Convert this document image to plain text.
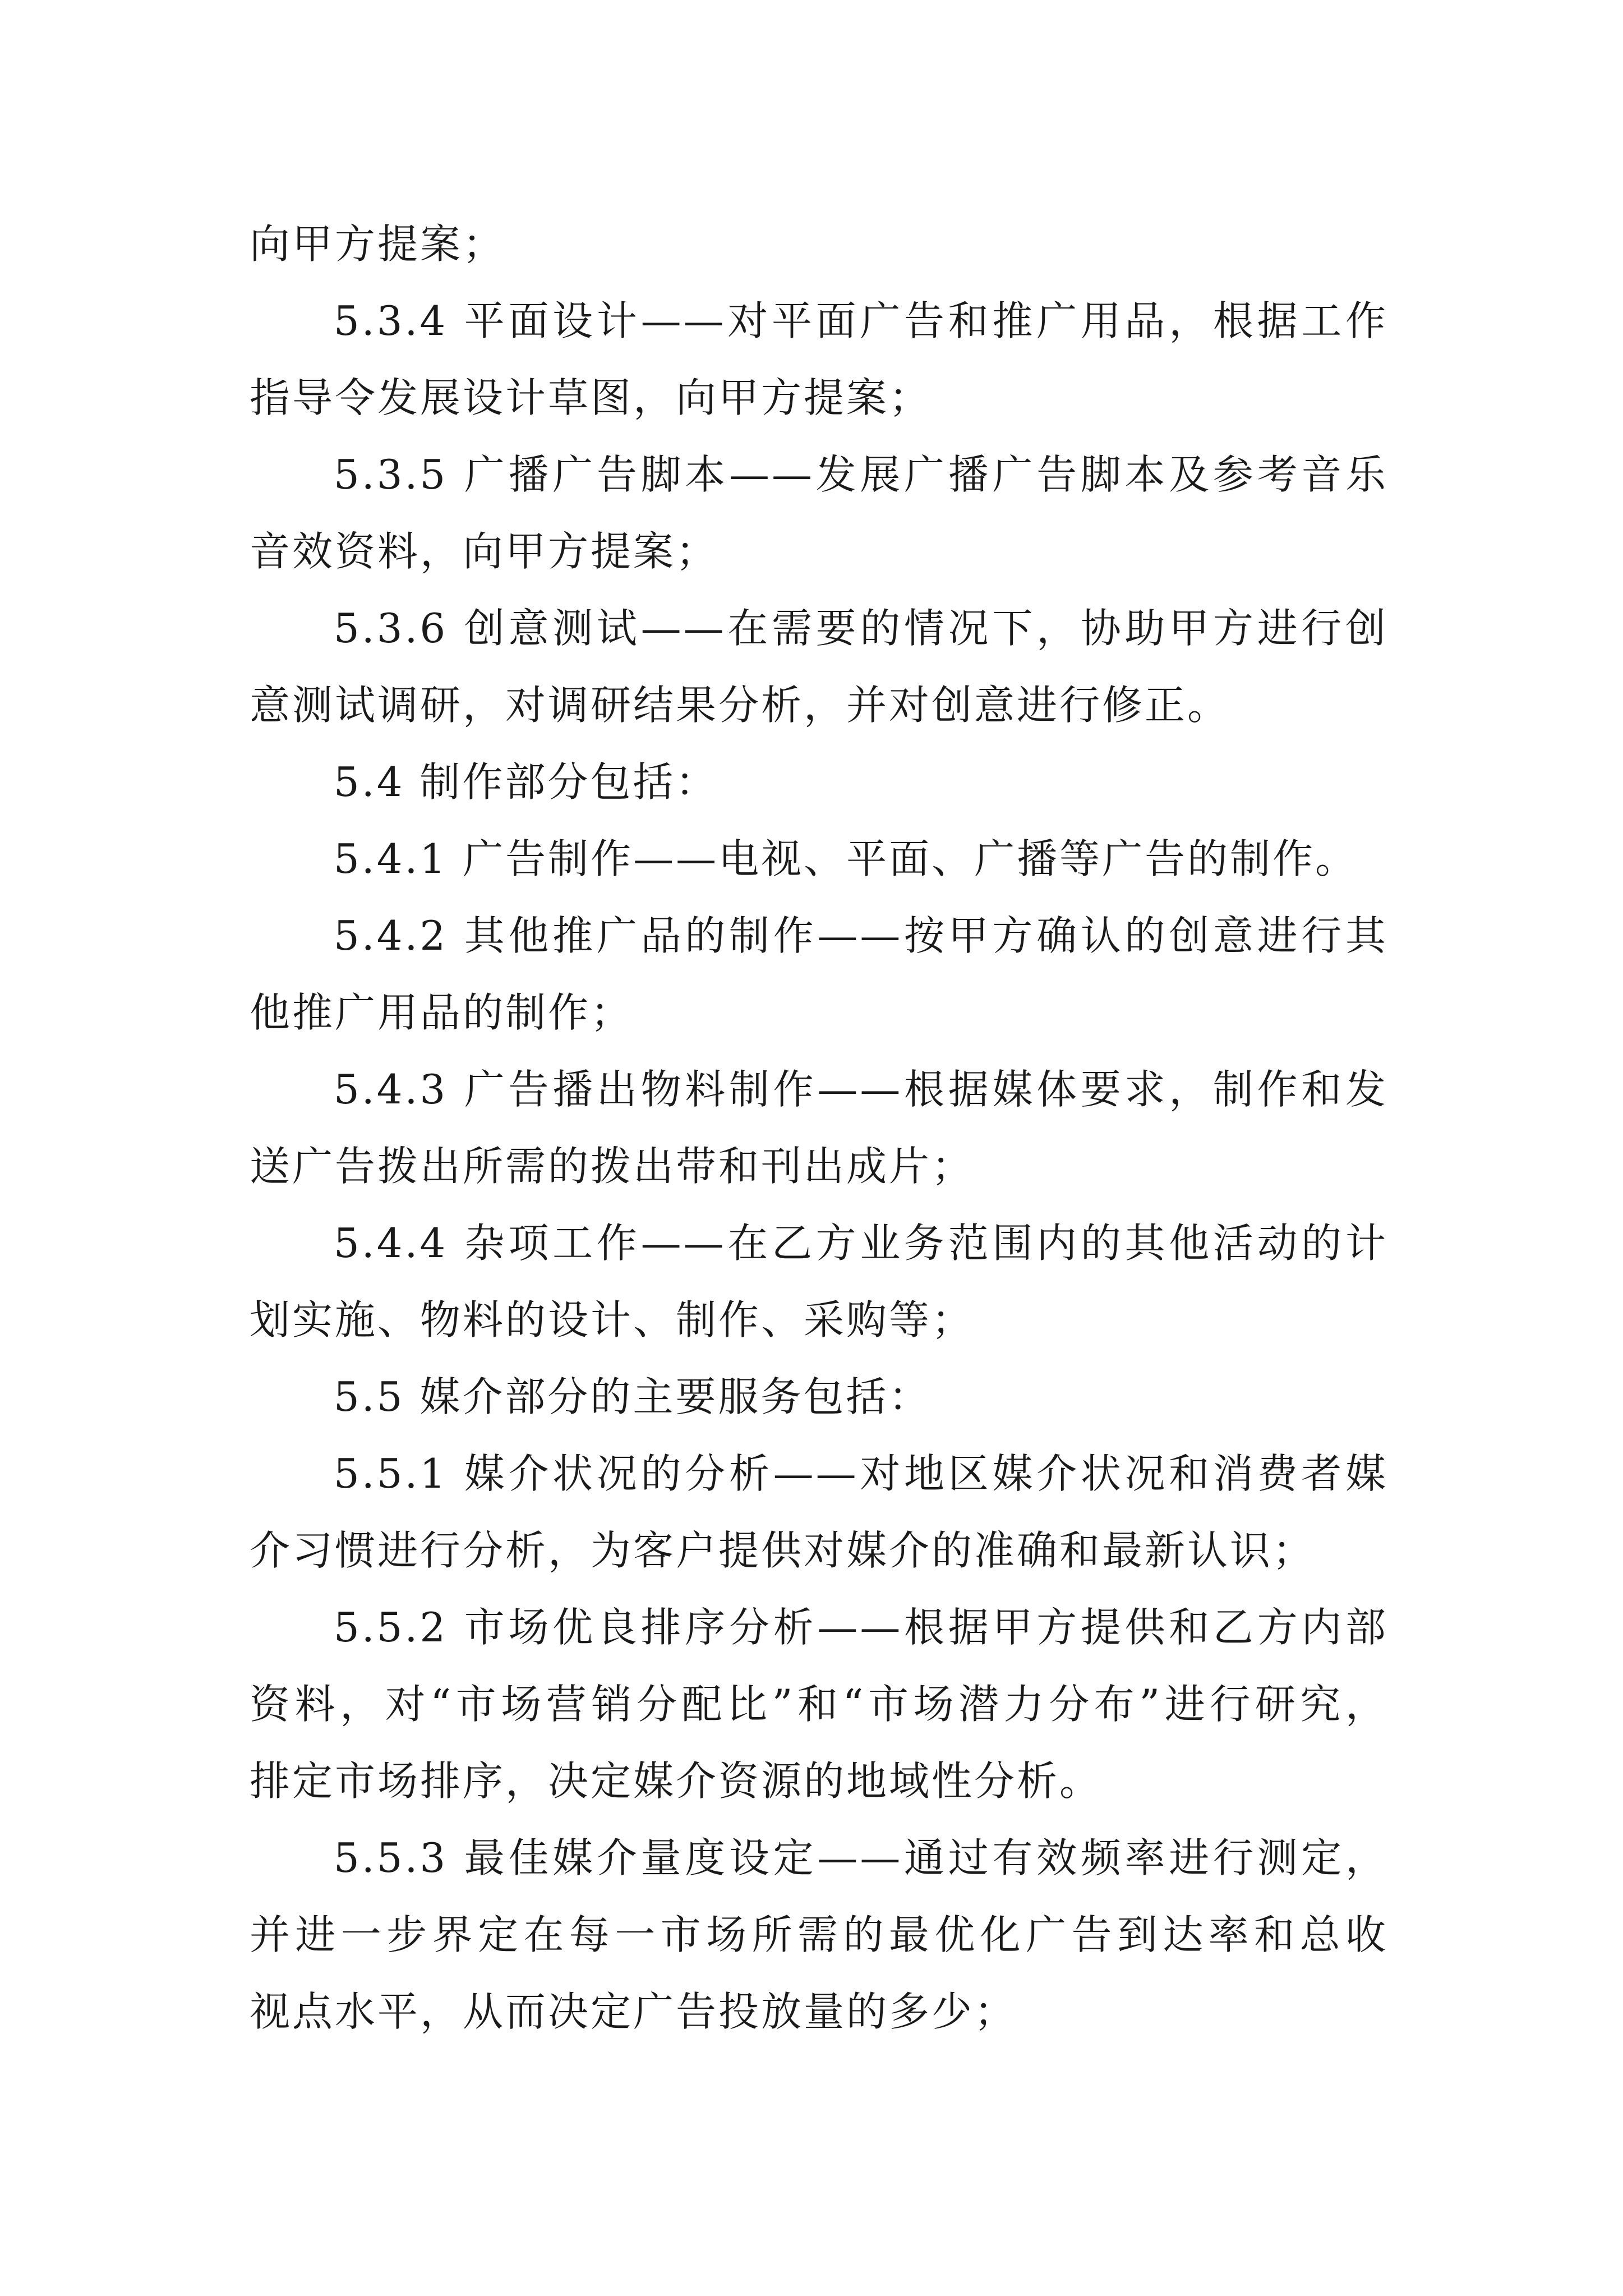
向甲方提案；
5.3.4 平面设计——对平面广告和推广用品，根据工作
指导令发展设计草图，向甲方提案；
5.3.5 广播广告脚本——发展广播广告脚本及参考音乐
音效资料，向甲方提案；
5.3.6 创意测试——在需要的情况下，协助甲方进行创
意测试调研，对调研结果分析，并对创意进行修正。
5.4 制作部分包括：
5.4.1 广告制作——电视、平面、广播等广告的制作。
5.4.2 其他推广品的制作——按甲方确认的创意进行其
他推广用品的制作；
5.4.3 广告播出物料制作——根据媒体要求，制作和发
送广告拨出所需的拨出带和刊出成片；
5.4.4 杂项工作——在乙方业务范围内的其他活动的计
划实施、物料的设计、制作、采购等；
5.5 媒介部分的主要服务包括：
5.5.1 媒介状况的分析——对地区媒介状况和消费者媒
介习惯进行分析，为客户提供对媒介的准确和最新认识；
5.5.2 市场优良排序分析——根据甲方提供和乙方内部
资料，对“市场营销分配比”和“市场潜力分布”进行研究，
排定市场排序，决定媒介资源的地域性分析。
5.5.3 最佳媒介量度设定——通过有效频率进行测定，
并进一步界定在每一市场所需的最优化广告到达率和总收
视点水平，从而决定广告投放量的多少；
